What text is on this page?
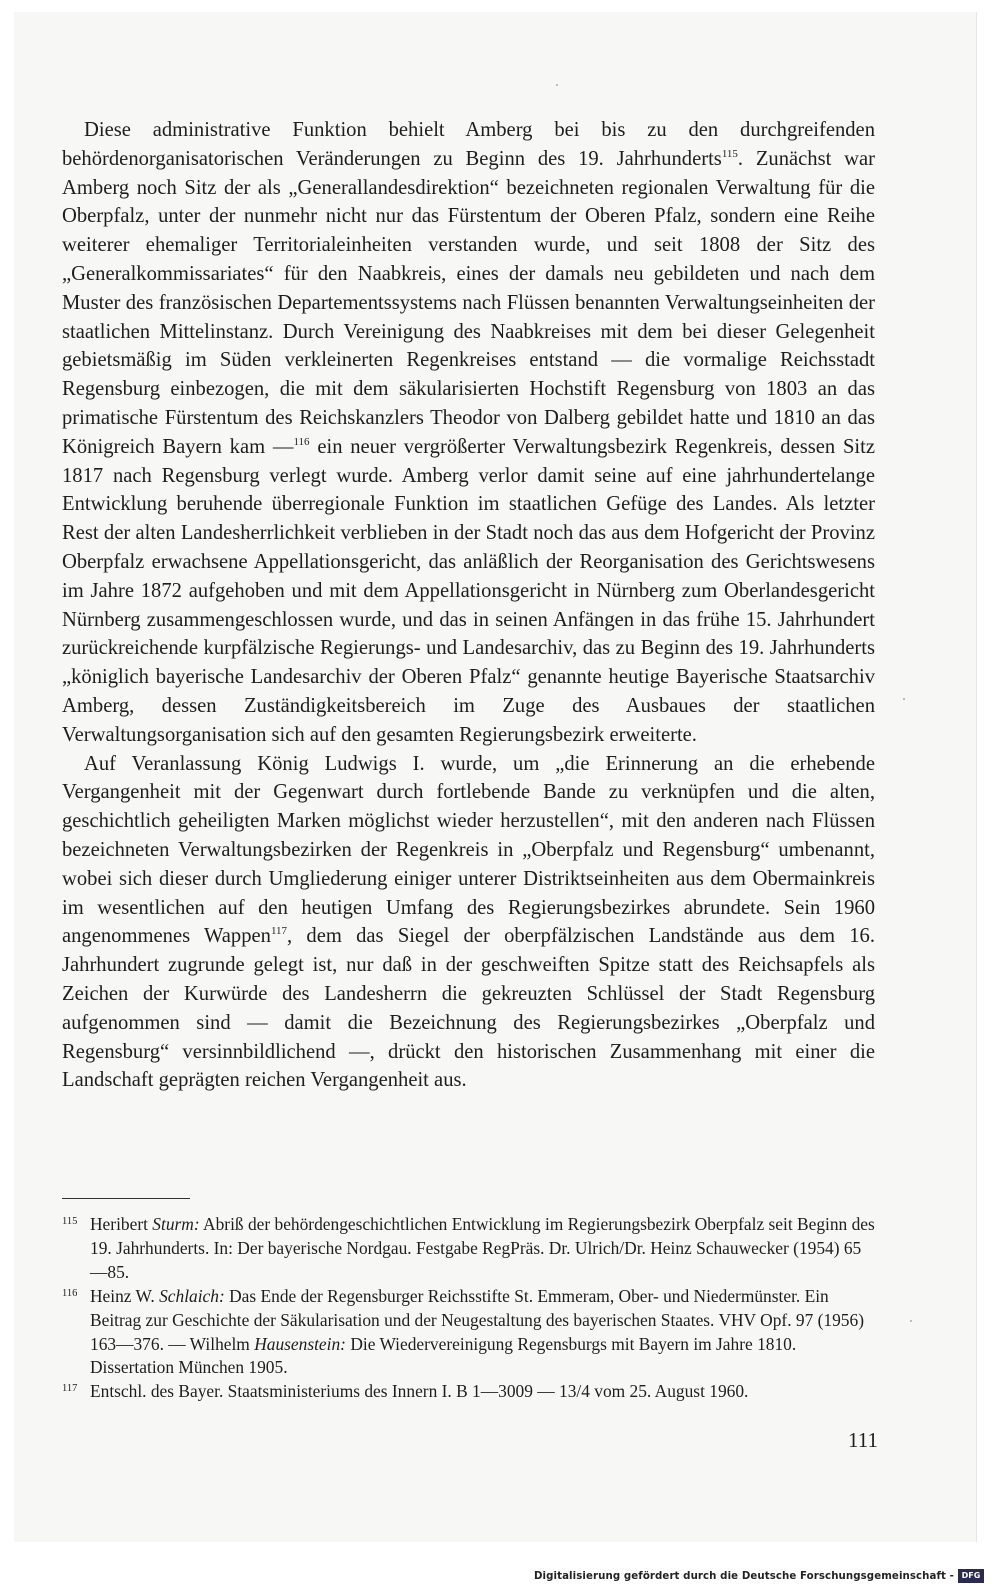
Diese administrative Funktion behielt Amberg bei bis zu den durchgreifenden behördenorganisatorischen Veränderungen zu Beginn des 19. Jahrhunderts$^{115}$. Zunächst war Amberg noch Sitz der als „Generallandesdirektion“ bezeichneten regionalen Verwaltung für die Oberpfalz, unter der nunmehr nicht nur das Fürstentum der Oberen Pfalz, sondern eine Reihe weiterer ehemaliger Territorialeinheiten verstanden wurde, und seit 1808 der Sitz des „Generalkommissariates“ für den Naabkreis, eines der damals neu gebildeten und nach dem Muster des französischen Departementssystems nach Flüssen benannten Verwaltungseinheiten der staatlichen Mittelinstanz. Durch Vereinigung des Naabkreises mit dem bei dieser Gelegenheit gebietsmäßig im Süden verkleinerten Regenkreises entstand — die vormalige Reichsstadt Regensburg einbezogen, die mit dem säkularisierten Hochstift Regensburg von 1803 an das primatische Fürstentum des Reichskanzlers Theodor von Dalberg gebildet hatte und 1810 an das Königreich Bayern kam —$^{116}$ ein neuer vergrößerter Verwaltungsbezirk Regenkreis, dessen Sitz 1817 nach Regensburg verlegt wurde. Amberg verlor damit seine auf eine jahrhundertelange Entwicklung beruhende überregionale Funktion im staatlichen Gefüge des Landes. Als letzter Rest der alten Landesherrlichkeit verblieben in der Stadt noch das aus dem Hofgericht der Provinz Oberpfalz erwachsene Appellationsgericht, das anläßlich der Reorganisation des Gerichtswesens im Jahre 1872 aufgehoben und mit dem Appellationsgericht in Nürnberg zum Oberlandesgericht Nürnberg zusammengeschlossen wurde, und das in seinen Anfängen in das frühe 15. Jahrhundert zurückreichende kurpfälzische Regierungs- und Landesarchiv, das zu Beginn des 19. Jahrhunderts „königlich bayerische Landesarchiv der Oberen Pfalz“ genannte heutige Bayerische Staatsarchiv Amberg, dessen Zuständigkeitsbereich im Zuge des Ausbaues der staatlichen Verwaltungsorganisation sich auf den gesamten Regierungsbezirk erweiterte.

Auf Veranlassung König Ludwigs I. wurde, um „die Erinnerung an die erhebende Vergangenheit mit der Gegenwart durch fortlebende Bande zu verknüpfen und die alten, geschichtlich geheiligten Marken möglichst wieder herzustellen“, mit den anderen nach Flüssen bezeichneten Verwaltungsbezirken der Regenkreis in „Oberpfalz und Regensburg“ umbenannt, wobei sich dieser durch Umgliederung einiger unterer Distriktseinheiten aus dem Obermainkreis im wesentlichen auf den heutigen Umfang des Regierungsbezirkes abrundete. Sein 1960 angenommenes Wappen$^{117}$, dem das Siegel der oberpfälzischen Landstände aus dem 16. Jahrhundert zugrunde gelegt ist, nur daß in der geschweiften Spitze statt des Reichsapfels als Zeichen der Kurwürde des Landesherrn die gekreuzten Schlüssel der Stadt Regensburg aufgenommen sind — damit die Bezeichnung des Regierungsbezirkes „Oberpfalz und Regensburg“ versinnbildlichend —, drückt den historischen Zusammenhang mit einer die Landschaft geprägten reichen Vergangenheit aus.

115 Heribert Sturm: Abriß der behördengeschichtlichen Entwicklung im Regierungsbezirk Oberpfalz seit Beginn des 19. Jahrhunderts. In: Der bayerische Nordgau. Festgabe RegPräs. Dr. Ulrich/Dr. Heinz Schauwecker (1954) 65—85.
116 Heinz W. Schlaich: Das Ende der Regensburger Reichsstifte St. Emmeram, Ober- und Niedermünster. Ein Beitrag zur Geschichte der Säkularisation und der Neugestaltung des bayerischen Staates. VHV Opf. 97 (1956) 163—376. — Wilhelm Hausenstein: Die Wiedervereinigung Regensburgs mit Bayern im Jahre 1810. Dissertation München 1905.
117 Entschl. des Bayer. Staatsministeriums des Innern I. B 1—3009 — 13/4 vom 25. August 1960.
111
Digitalisierung gefördert durch die Deutsche Forschungsgemeinschaft - DFG
